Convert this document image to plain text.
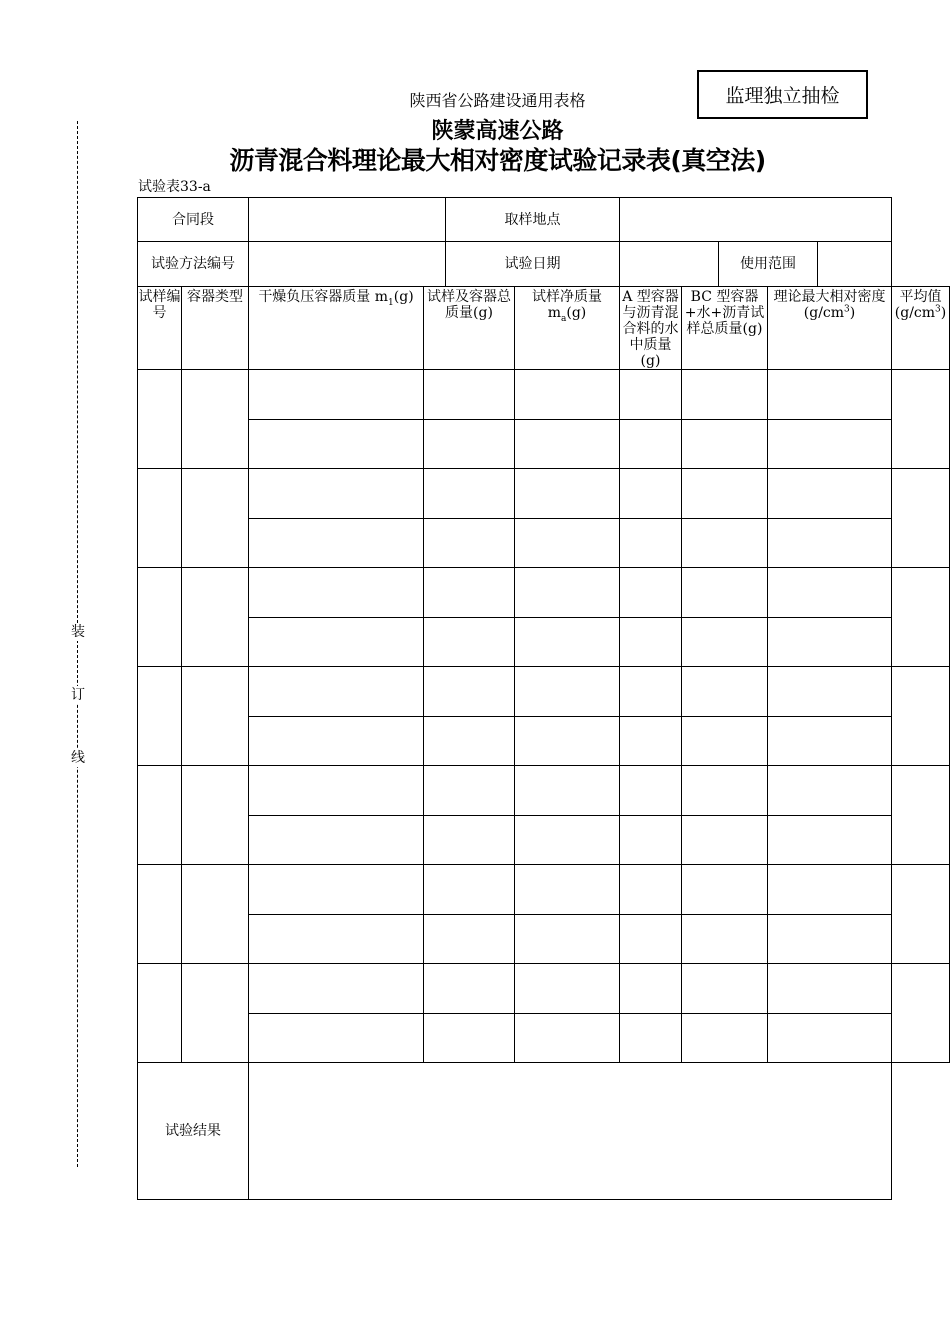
装
订
线
陕西省公路建设通用表格	监理独立抽检
陕蒙高速公路
沥青混合料理论最大相对密度试验记录表(真空法)
试验表33-a
合同段				取样地点							
试验方法编号				试验日期				使用范围			
试样编号	容器类型	干燥负压容器质量 $m_1(g)$	试样及容器总质量(g)		试样净质量 $m_a(g)$	A 型容器与沥青混合料的水中质量(g)	BC 型容器+水+沥青试样总质量(g)		理论最大相对密度 $(g/cm^3)$		平均值 $(g/cm^3)$

试验结果											
